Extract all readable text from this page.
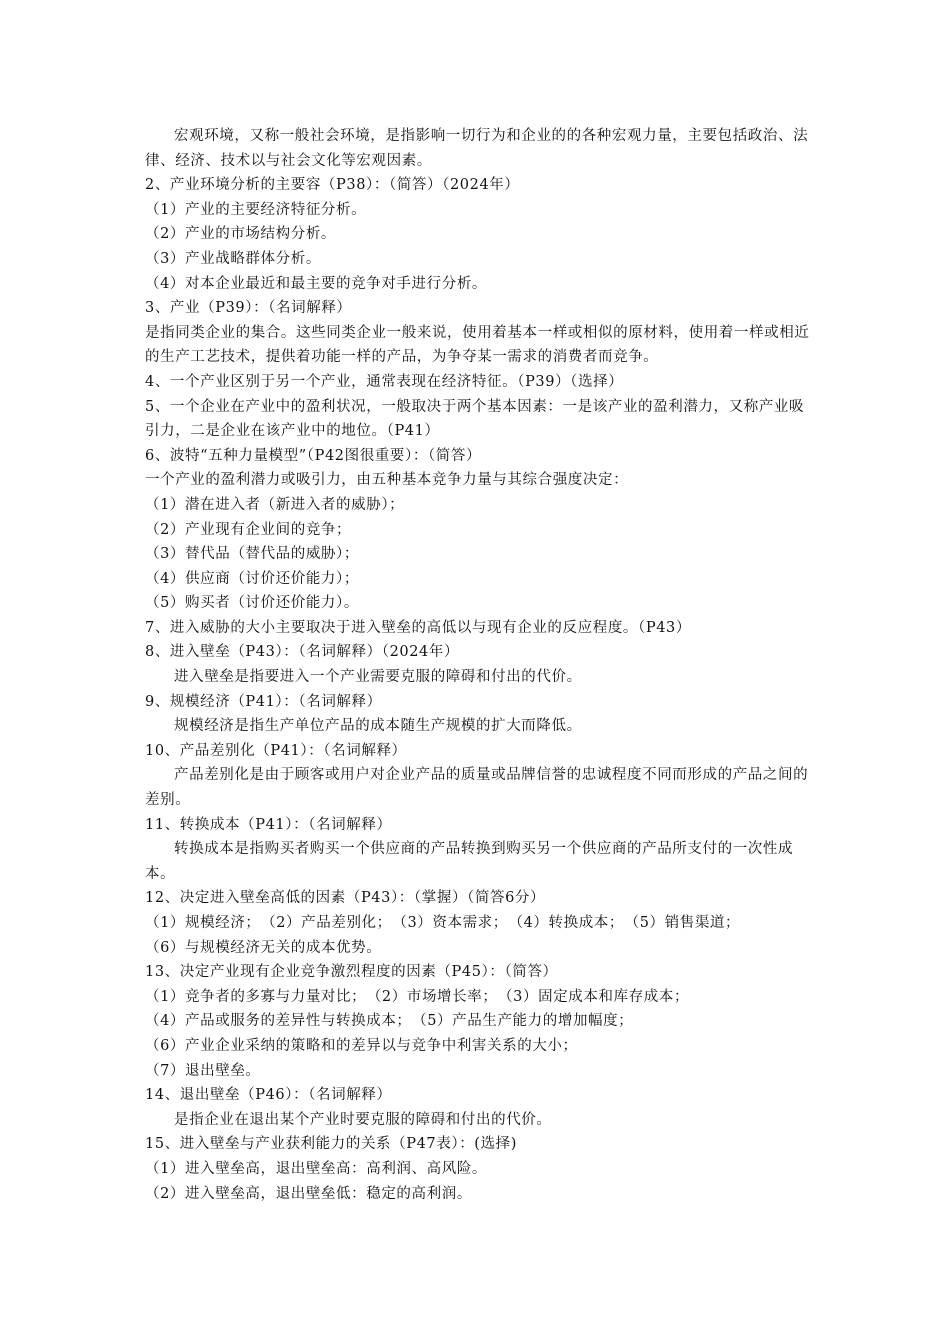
宏观环境，又称一般社会环境，是指影响一切行为和企业的的各种宏观力量，主要包括政治、法律、经济、技术以与社会文化等宏观因素。

2、产业环境分析的主要容（P38）：（简答）（2024年）

（1）产业的主要经济特征分析。

（2）产业的市场结构分析。

（3）产业战略群体分析。

（4）对本企业最近和最主要的竞争对手进行分析。

3、产业（P39）：（名词解释）

是指同类企业的集合。这些同类企业一般来说，使用着基本一样或相似的原材料，使用着一样或相近的生产工艺技术，提供着功能一样的产品，为争夺某一需求的消费者而竞争。

4、一个产业区别于另一个产业，通常表现在经济特征。（P39）（选择）

5、一个企业在产业中的盈利状况，一般取决于两个基本因素：一是该产业的盈利潜力，又称产业吸引力，二是企业在该产业中的地位。（P41）

6、波特“五种力量模型”（P42图很重要）：（简答）

一个产业的盈利潜力或吸引力，由五种基本竞争力量与其综合强度决定：

（1）潜在进入者（新进入者的威胁）；

（2）产业现有企业间的竞争；

（3）替代品（替代品的威胁）；

（4）供应商（讨价还价能力）；

（5）购买者（讨价还价能力）。

7、进入威胁的大小主要取决于进入壁垒的高低以与现有企业的反应程度。（P43）

8、进入壁垒（P43）：（名词解释）（2024年）

进入壁垒是指要进入一个产业需要克服的障碍和付出的代价。

9、规模经济（P41）：（名词解释）

规模经济是指生产单位产品的成本随生产规模的扩大而降低。

10、产品差别化（P41）：（名词解释）

产品差别化是由于顾客或用户对企业产品的质量或品牌信誉的忠诚程度不同而形成的产品之间的差别。

11、转换成本（P41）：（名词解释）

转换成本是指购买者购买一个供应商的产品转换到购买另一个供应商的产品所支付的一次性成本。

12、决定进入壁垒高低的因素（P43）：（掌握）（简答6分）

（1）规模经济；　（2）产品差别化；　（3）资本需求；　（4）转换成本；　（5）销售渠道；

（6）与规模经济无关的成本优势。

13、决定产业现有企业竞争激烈程度的因素（P45）：（简答）

（1）竞争者的多寡与力量对比；　（2）市场增长率；　（3）固定成本和库存成本；

（4）产品或服务的差异性与转换成本；　（5）产品生产能力的增加幅度；

（6）产业企业采纳的策略和的差异以与竞争中利害关系的大小；

（7）退出壁垒。

14、退出壁垒（P46）：（名词解释）

是指企业在退出某个产业时要克服的障碍和付出的代价。

15、进入壁垒与产业获利能力的关系（P47表）：(选择)

（1）进入壁垒高，退出壁垒高：高利润、高风险。

（2）进入壁垒高，退出壁垒低：稳定的高利润。
